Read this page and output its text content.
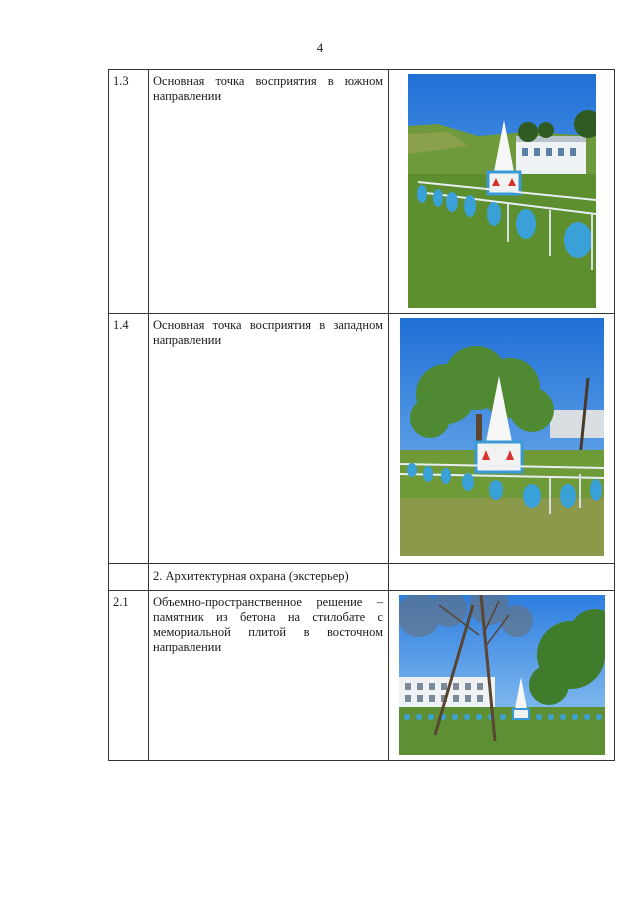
4
1.3	Основная точка восприятия в южном направлении	

1.4	Основная точка восприятия в западном направлении	

	2. Архитектурная охрана (экстерьер)	
2.1	Объемно-пространственное решение – памятник из бетона на стилобате с мемориальной плитой в восточном направлении	
